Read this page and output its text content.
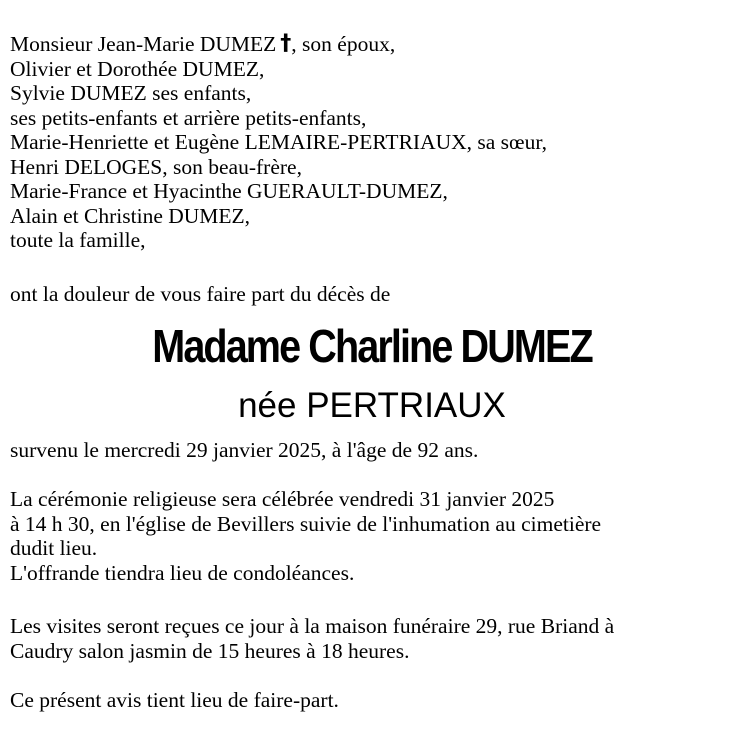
Monsieur Jean-Marie DUMEZ †, son époux,
Olivier et Dorothée DUMEZ,
Sylvie DUMEZ ses enfants,
ses petits-enfants et arrière petits-enfants,
Marie-Henriette et Eugène LEMAIRE-PERTRIAUX, sa sœur,
Henri DELOGES, son beau-frère,
Marie-France et Hyacinthe GUERAULT-DUMEZ,
Alain et Christine DUMEZ,
toute la famille,
ont la douleur de vous faire part du décès de
Madame Charline DUMEZ
née PERTRIAUX
survenu le mercredi 29 janvier 2025, à l'âge de 92 ans.
La cérémonie religieuse sera célébrée vendredi 31 janvier 2025
à 14 h 30, en l'église de Bevillers suivie de l'inhumation au cimetière
dudit lieu.
L'offrande tiendra lieu de condoléances.
Les visites seront reçues ce jour à la maison funéraire 29, rue Briand à
Caudry salon jasmin de 15 heures à 18 heures.
Ce présent avis tient lieu de faire-part.
